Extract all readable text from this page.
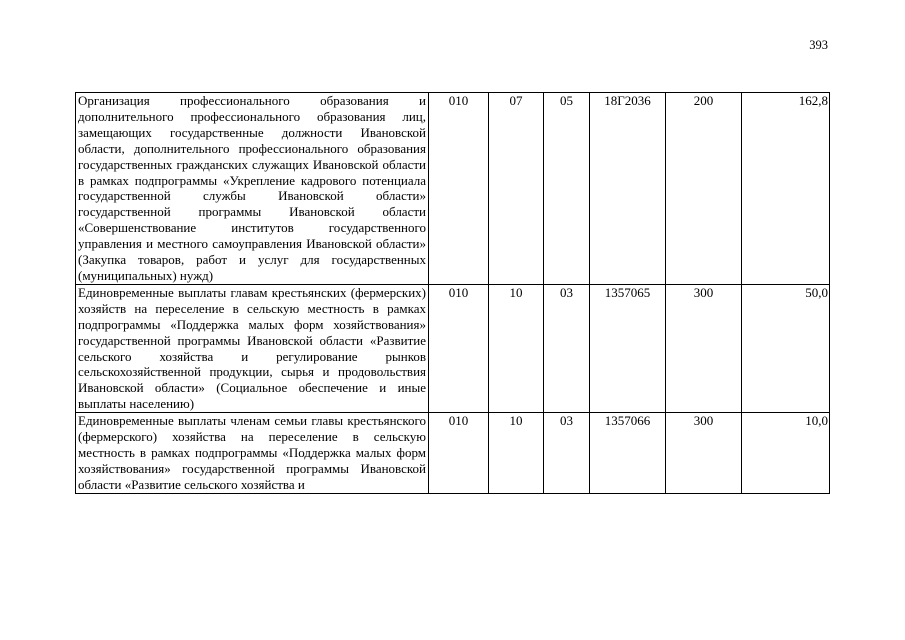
393
Организация профессионального образования и дополнительного профессионального образования лиц, замещающих государственные должности Ивановской области, дополнительного профессионального образования государственных гражданских служащих Ивановской области в рамках подпрограммы «Укрепление кадрового потенциала государственной службы Ивановской области» государственной программы Ивановской области «Совершенствование институтов государственного управления и местного самоуправления Ивановской области» (Закупка товаров, работ и услуг для государственных (муниципальных) нужд)	010	07	05	18Г2036	200	162,8
Единовременные выплаты главам крестьянских (фермерских) хозяйств на переселение в сельскую местность в рамках подпрограммы «Поддержка малых форм хозяйствования» государственной программы Ивановской области «Развитие сельского хозяйства и регулирование рынков сельскохозяйственной продукции, сырья и продовольствия Ивановской области» (Социальное обеспечение и иные выплаты населению)	010	10	03	1357065	300	50,0
Единовременные выплаты членам семьи главы крестьянского (фермерского) хозяйства на переселение в сельскую местность в рамках подпрограммы «Поддержка малых форм хозяйствования» государственной программы Ивановской области «Развитие сельского хозяйства и	010	10	03	1357066	300	10,0
